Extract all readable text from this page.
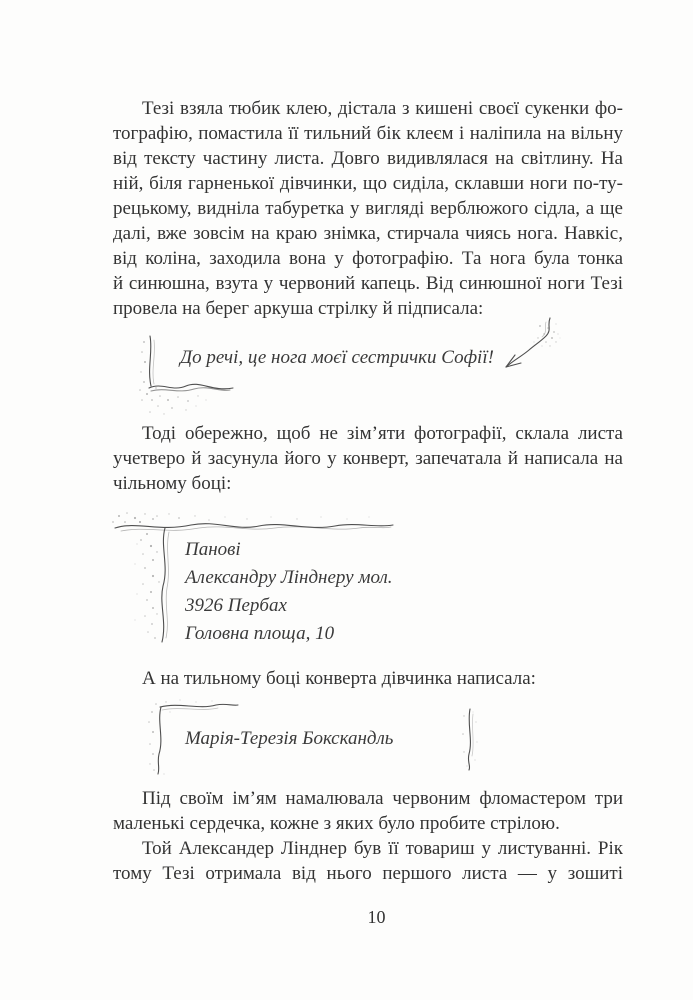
Тезі взяла тюбик клею, дістала з кишені своєї сукенки фо-
тографію, помастила її тильний бік клеєм і наліпила на вільну
від тексту частину листа. Довго видивлялася на світлину. На
ній, біля гарненької дівчинки, що сиділа, склавши ноги по-ту-
рецькому, видніла табуретка у вигляді верблюжого сідла, а ще
далі, вже зовсім на краю знімка, стирчала чиясь нога. Навкіс,
від коліна, заходила вона у фотографію. Та нога була тонка
й синюшна, взута у червоний капець. Від синюшної ноги Тезі
провела на берег аркуша стрілку й підписала:
До речі, це нога моєї сестрички Софії!
Тоді обережно, щоб не зім’яти фотографії, склала листа
учетверо й засунула його у конверт, запечатала й написала на
чільному боці:
Панові
Александру Лінднеру мол.
3926 Пербах
Головна площа, 10
А на тильному боці конверта дівчинка написала:
Марія-Терезія Бокскандль
Під своїм ім’ям намалювала червоним фломастером три
маленькі сердечка, кожне з яких було пробите стрілою.
Той Александер Лінднер був її товариш у листуванні. Рік
тому Тезі отримала від нього першого листа — у зошиті
10
